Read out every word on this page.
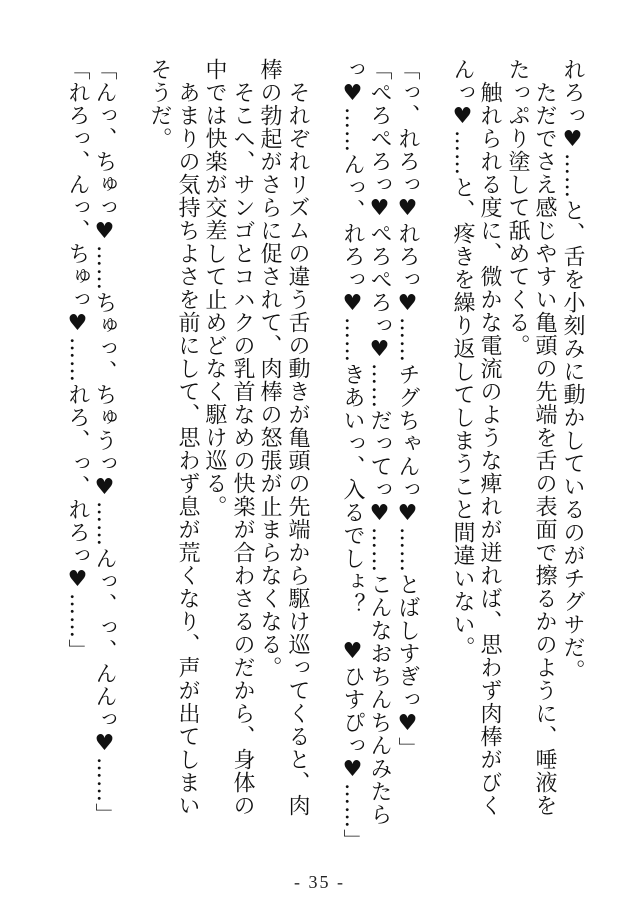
れろっ♥……と、舌を小刻みに動かしているのがチグサだ。
　ただでさえ感じやすい亀頭の先端を舌の表面で擦るかのように、唾液を
たっぷり塗して舐めてくる。
　触れられる度に、微かな電流のような痺れが迸れば、思わず肉棒がびく
んっ♥……と、疼きを繰り返してしまうこと間違いない。
「っ、れろっ♥れろっ♥……チグちゃんっ♥……とばしすぎっ♥」
「ぺろぺろっ♥ぺろぺろっ♥……だってっ♥……こんなおちんちんみたら
っ♥……んっ、れろっ♥……きあいっ、入るでしょ？　♥ひすぴっ♥……」
　それぞれリズムの違う舌の動きが亀頭の先端から駆け巡ってくると、肉
棒の勃起がさらに促されて、肉棒の怒張が止まらなくなる。
　そこへ、サンゴとコハクの乳首なめの快楽が合わさるのだから、身体の
中では快楽が交差して止めどなく駆け巡る。
　あまりの気持ちよさを前にして、思わず息が荒くなり、声が出てしまい
そうだ。
「んっ、ちゅっ♥……ちゅっ、ちゅうっ♥……んっ、っ、んんっ♥……」
「れろっ、んっ、ちゅっ♥……れろ、っ、れろっ♥……」
- 35 -
